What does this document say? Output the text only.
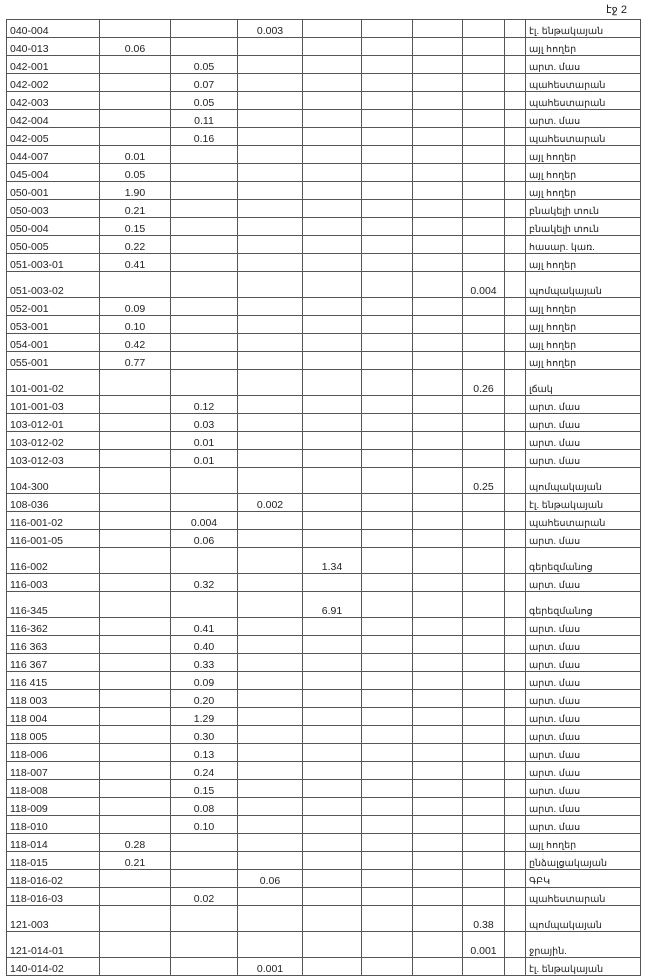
էջ 2
040-004			0.003						էլ. ենթակայան
040-013	0.06								այլ հողեր
042-001		0.05							արտ. մաս
042-002		0.07							պահեստարան
042-003		0.05							պահեստարան
042-004		0.11							արտ. մաս
042-005		0.16							պահեստարան
044-007	0.01								այլ հողեր
045-004	0.05								այլ հողեր
050-001	1.90								այլ հողեր
050-003	0.21								բնակելի տուն
050-004	0.15								բնակելի տուն
050-005	0.22								հասար. կառ.
051-003-01	0.41								այլ հողեր
051-003-02							0.004		պոմպակայան
052-001	0.09								այլ հողեր
053-001	0.10								այլ հողեր
054-001	0.42								այլ հողեր
055-001	0.77								այլ հողեր
101-001-02							0.26		լճակ
101-001-03		0.12							արտ. մաս
103-012-01		0.03							արտ. մաս
103-012-02		0.01							արտ. մաս
103-012-03		0.01							արտ. մաս
104-300							0.25		պոմպակայան
108-036			0.002						էլ. ենթակայան
116-001-02		0.004							պահեստարան
116-001-05		0.06							արտ. մաս
116-002				1.34					գերեզմանոց
116-003		0.32							արտ. մաս
116-345				6.91					գերեզմանոց
116-362		0.41							արտ. մաս
116 363		0.40							արտ. մաս
116 367		0.33							արտ. մաս
116 415		0.09							արտ. մաս
118 003		0.20							արտ. մաս
118 004		1.29							արտ. մաս
118 005		0.30							արտ. մաս
118-006		0.13							արտ. մաս
118-007		0.24							արտ. մաս
118-008		0.15							արտ. մաս
118-009		0.08							արտ. մաս
118-010		0.10							արտ. մաս
118-014	0.28								այլ հողեր
118-015	0.21								ընձալցակայան
118-016-02			0.06						ԳԲԿ
118-016-03		0.02							պահեստարան
121-003							0.38		պոմպակայան
121-014-01							0.001		ջրային.
140-014-02			0.001						էլ. ենթակայան
